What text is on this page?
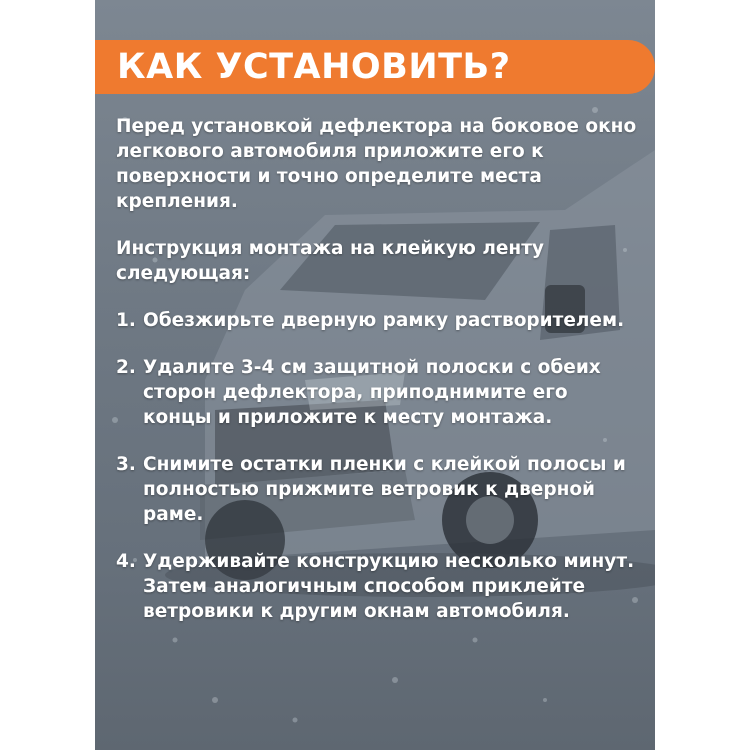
КАК УСТАНОВИТЬ?

Перед установкой дефлектора на боковое окно легкового автомобиля приложите его к поверхности и точно определите места крепления.

Инструкция монтажа на клейкую ленту следующая:

1. Обезжирьте дверную рамку растворителем.
2. Удалите 3-4 см защитной полоски с обеих сторон дефлектора, приподнимите его концы и приложите к месту монтажа.
3. Снимите остатки пленки с клейкой полосы и полностью прижмите ветровик к дверной раме.
4. Удерживайте конструкцию несколько минут. Затем аналогичным способом приклейте ветровики к другим окнам автомобиля.
